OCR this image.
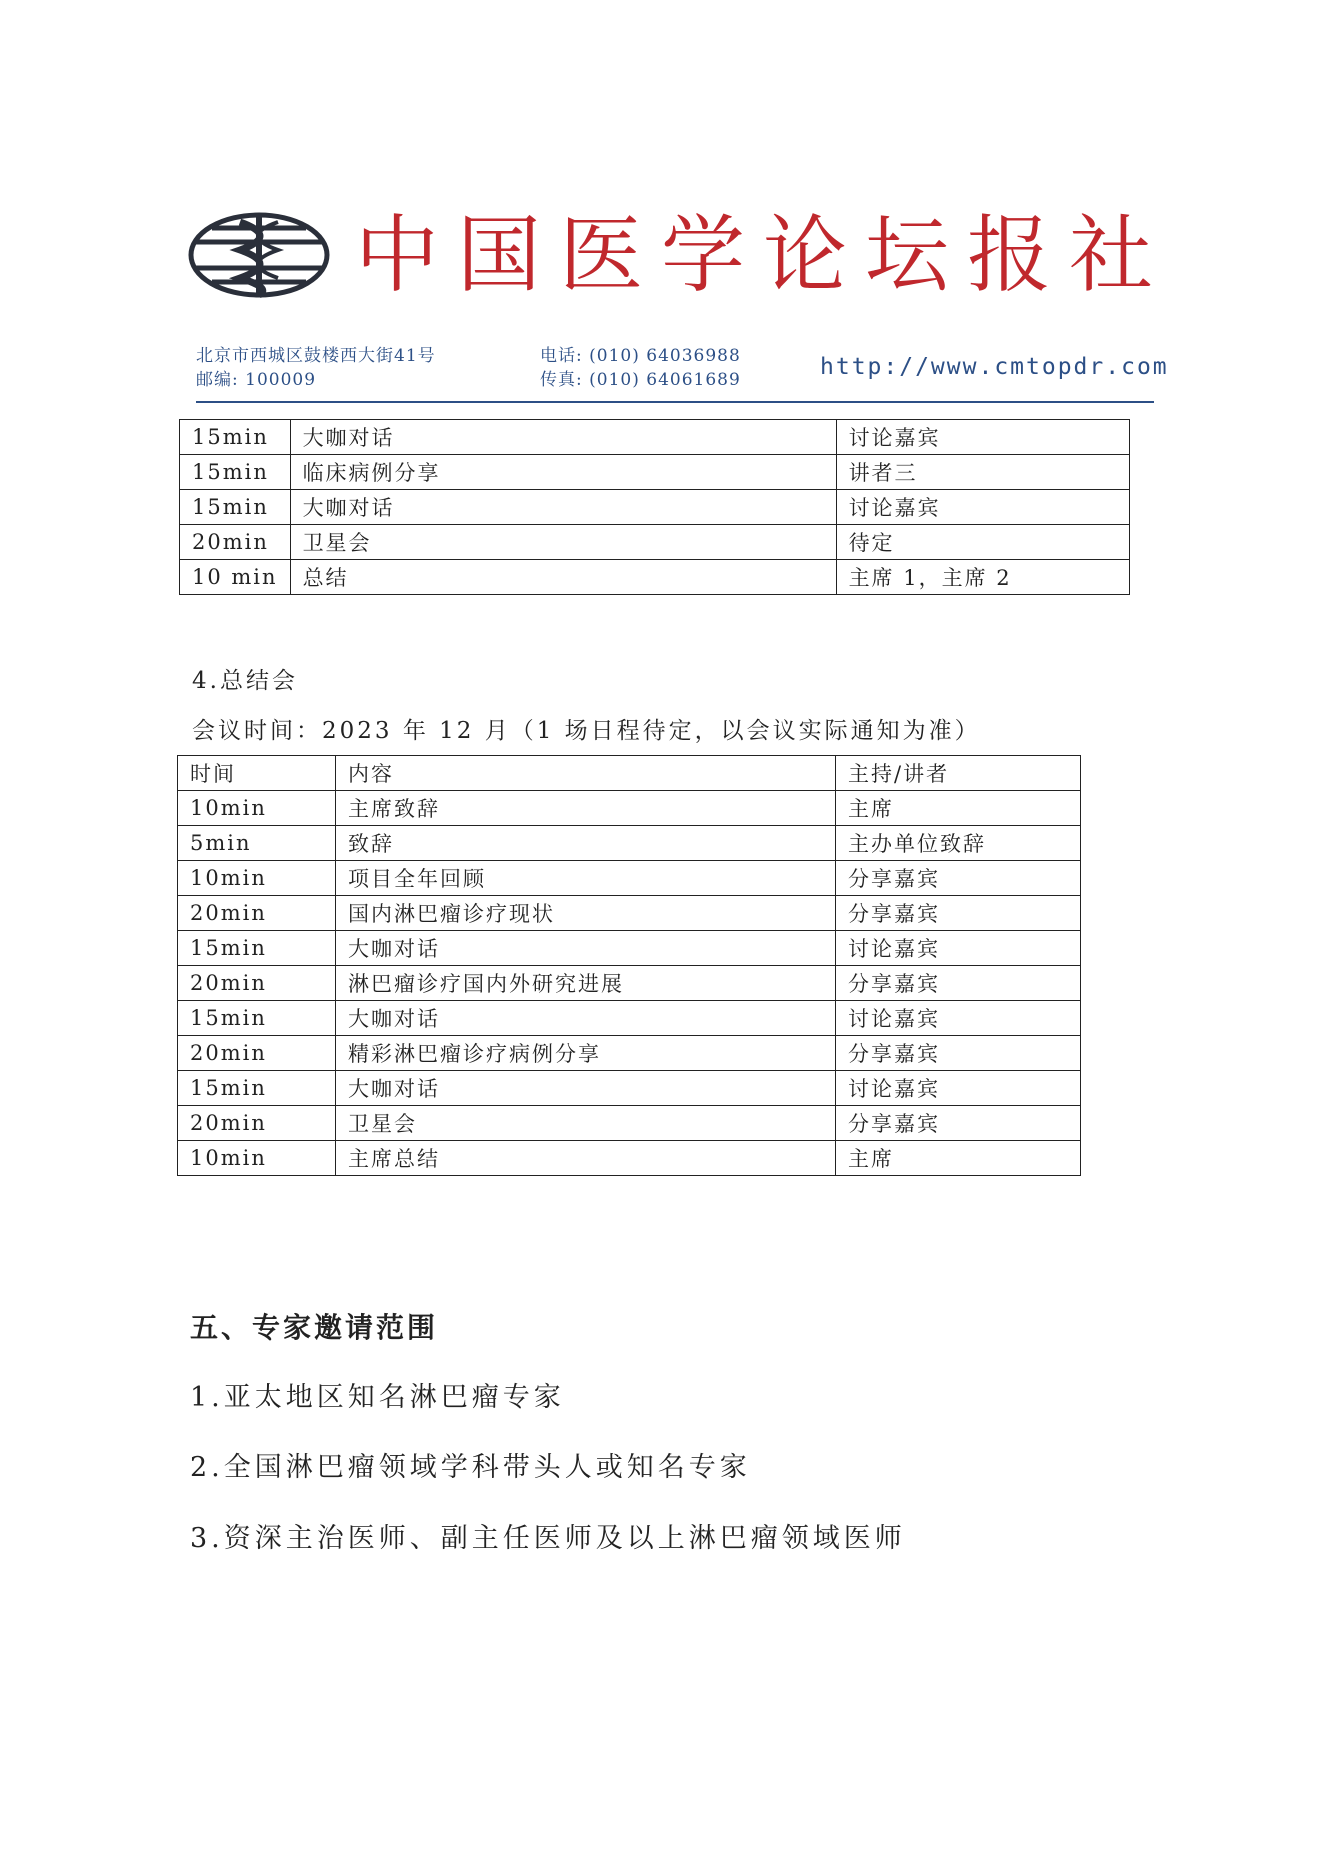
中国医学论坛报社
北京市西城区鼓楼西大街41号
邮编: 100009
电话: (010) 64036988
传真: (010) 64061689	http://www.cmtopdr.com
15min	大咖对话	讨论嘉宾
15min	临床病例分享	讲者三
15min	大咖对话	讨论嘉宾
20min	卫星会	待定
10 min	总结	主席 1，主席 2
4.总结会
会议时间：2023 年 12 月（1 场日程待定，以会议实际通知为准）
时间	内容	主持/讲者
10min	主席致辞	主席
5min	致辞	主办单位致辞
10min	项目全年回顾	分享嘉宾
20min	国内淋巴瘤诊疗现状	分享嘉宾
15min	大咖对话	讨论嘉宾
20min	淋巴瘤诊疗国内外研究进展	分享嘉宾
15min	大咖对话	讨论嘉宾
20min	精彩淋巴瘤诊疗病例分享	分享嘉宾
15min	大咖对话	讨论嘉宾
20min	卫星会	分享嘉宾
10min	主席总结	主席
五、专家邀请范围
1.亚太地区知名淋巴瘤专家
2.全国淋巴瘤领域学科带头人或知名专家
3.资深主治医师、副主任医师及以上淋巴瘤领域医师
